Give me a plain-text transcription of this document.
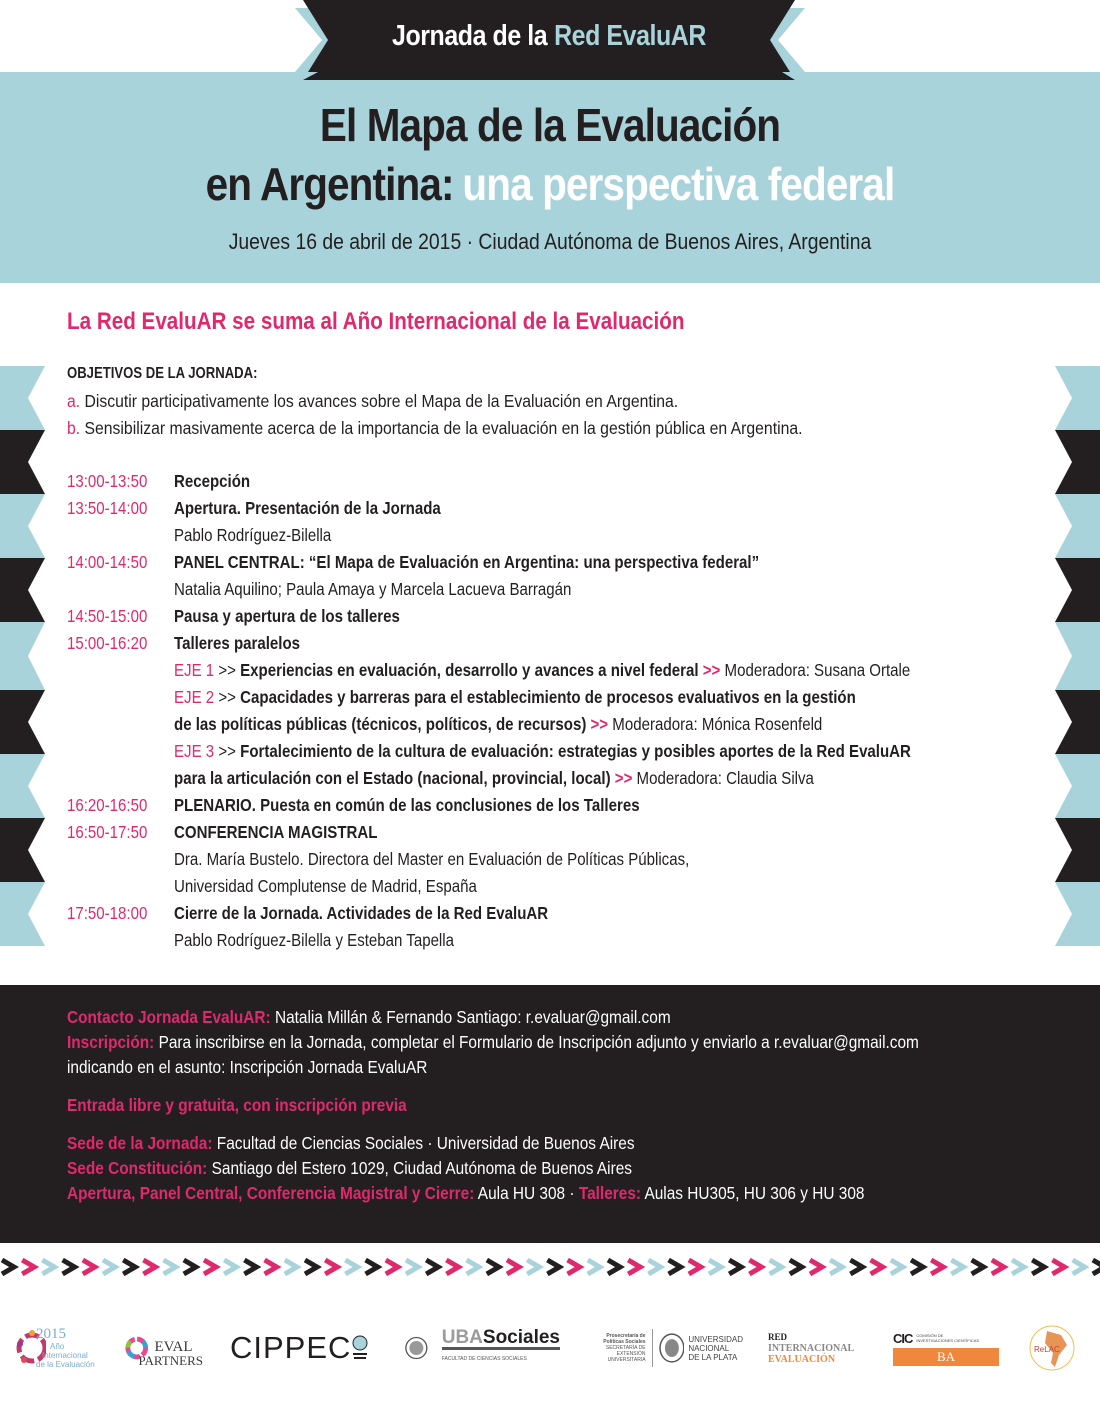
Jornada de la Red EvaluAR
El Mapa de la Evaluación
en Argentina: una perspectiva federal
Jueves 16 de abril de 2015 · Ciudad Autónoma de Buenos Aires, Argentina
La Red EvaluAR se suma al Año Internacional de la Evaluación
OBJETIVOS DE LA JORNADA:
a. Discutir participativamente los avances sobre el Mapa de la Evaluación en Argentina.
b. Sensibilizar masivamente acerca de la importancia de la evaluación en la gestión pública en Argentina.
13:00-13:50 Recepción
13:50-14:00 Apertura. Presentación de la Jornada
Pablo Rodríguez-Bilella
14:00-14:50 PANEL CENTRAL: “El Mapa de Evaluación en Argentina: una perspectiva federal”
Natalia Aquilino; Paula Amaya y Marcela Lacueva Barragán
14:50-15:00 Pausa y apertura de los talleres
15:00-16:20 Talleres paralelos
EJE 1 >> Experiencias en evaluación, desarrollo y avances a nivel federal >> Moderadora: Susana Ortale
EJE 2 >> Capacidades y barreras para el establecimiento de procesos evaluativos en la gestión
de las políticas públicas (técnicos, políticos, de recursos) >> Moderadora: Mónica Rosenfeld
EJE 3 >> Fortalecimiento de la cultura de evaluación: estrategias y posibles aportes de la Red EvaluAR
para la articulación con el Estado (nacional, provincial, local) >> Moderadora: Claudia Silva
16:20-16:50 PLENARIO. Puesta en común de las conclusiones de los Talleres
16:50-17:50 CONFERENCIA MAGISTRAL
Dra. María Bustelo. Directora del Master en Evaluación de Políticas Públicas,
Universidad Complutense de Madrid, España
17:50-18:00 Cierre de la Jornada. Actividades de la Red EvaluAR
Pablo Rodríguez-Bilella y Esteban Tapella
Contacto Jornada EvaluAR: Natalia Millán & Fernando Santiago: r.evaluar@gmail.com
Inscripción: Para inscribirse en la Jornada, completar el Formulario de Inscripción adjunto y enviarlo a r.evaluar@gmail.com
indicando en el asunto: Inscripción Jornada EvaluAR
Entrada libre y gratuita, con inscripción previa
Sede de la Jornada: Facultad de Ciencias Sociales · Universidad de Buenos Aires
Sede Constitución: Santiago del Estero 1029, Ciudad Autónoma de Buenos Aires
Apertura, Panel Central, Conferencia Magistral y Cierre: Aula HU 308 · Talleres: Aulas HU305, HU 306 y HU 308
2015
Año
Internacional
de la Evaluación
EVAL
PARTNERS CIPPEC	UBASociales
FACULTAD DE CIENCIAS SOCIALES
Prosecretaría de
Políticas Sociales
SECRETARÍA DE
EXTENSIÓN UNIVERSITARIA
UNIVERSIDAD
NACIONAL
DE LA PLATA
RED
INTERNACIONAL
EVALUACIÓN
CIC COMISIÓN DE
INVESTIGACIONES CIENTÍFICAS
BA	ReLAC
